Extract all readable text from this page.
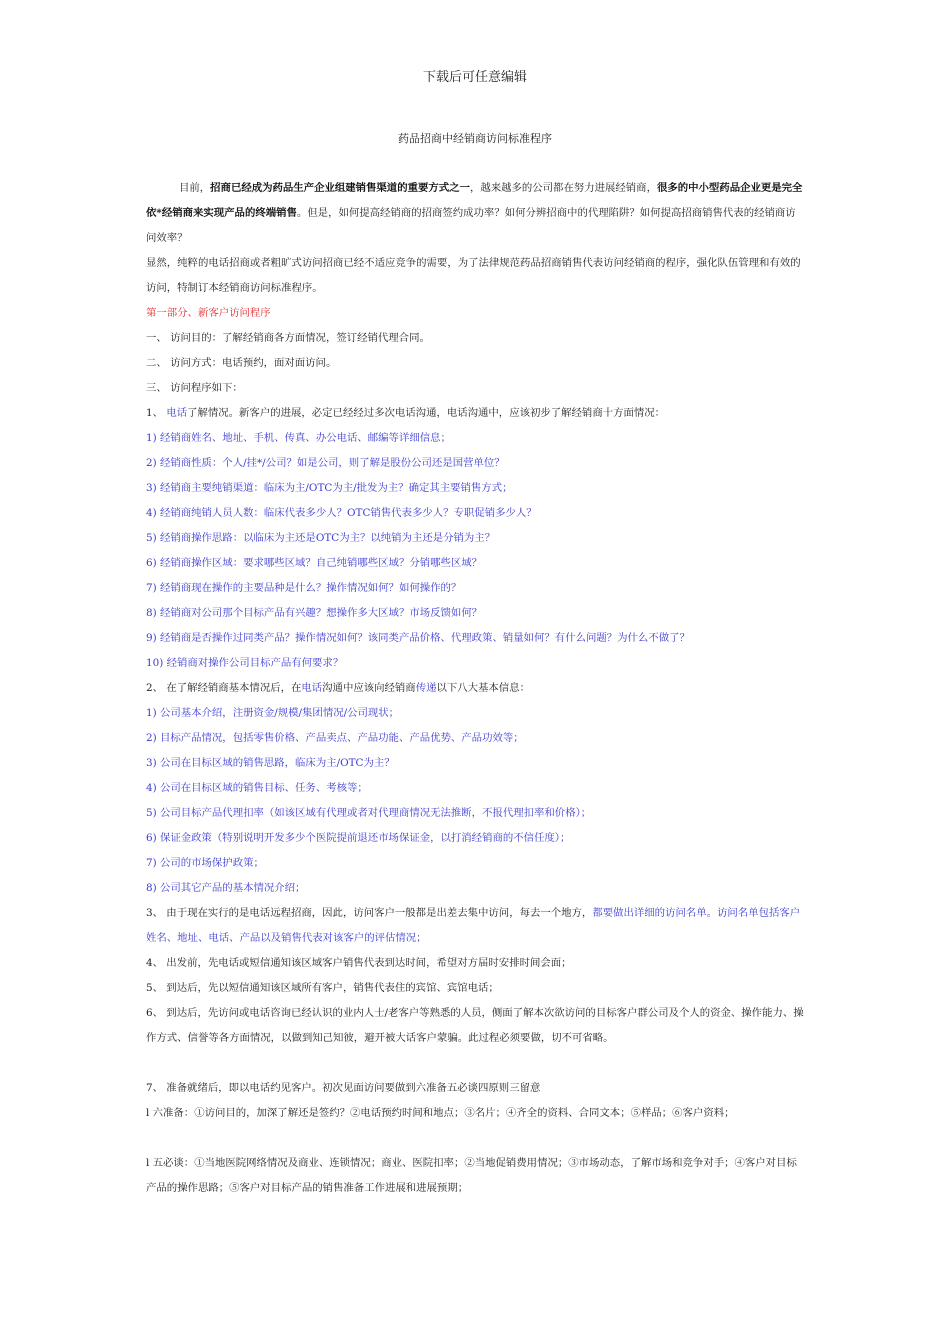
下载后可任意编辑
药品招商中经销商访问标准程序

目前，招商已经成为药品生产企业组建销售渠道的重要方式之一，越来越多的公司都在努力进展经销商，很多的中小型药品企业更是完全依*经销商来实现产品的终端销售。但是，如何提高经销商的招商签约成功率？如何分辨招商中的代理陷阱？如何提高招商销售代表的经销商访问效率？

显然，纯粹的电话招商或者粗旷式访问招商已经不适应竞争的需要，为了法律规范药品招商销售代表访问经销商的程序，强化队伍管理和有效的访问，特制订本经销商访问标准程序。

第一部分、新客户访问程序

一、 访问目的：了解经销商各方面情况，签订经销代理合同。

二、 访问方式：电话预约，面对面访问。

三、 访问程序如下：

1、 电话了解情况。新客户的进展，必定已经经过多次电话沟通，电话沟通中，应该初步了解经销商十方面情况：

1) 经销商姓名、地址、手机、传真、办公电话、邮编等详细信息；

2) 经销商性质：个人/挂*/公司？如是公司，则了解是股份公司还是国营单位？

3) 经销商主要纯销渠道：临床为主/OTC为主/批发为主？确定其主要销售方式；

4) 经销商纯销人员人数：临床代表多少人？OTC销售代表多少人？专职促销多少人？

5) 经销商操作思路：以临床为主还是OTC为主？以纯销为主还是分销为主？

6) 经销商操作区域：要求哪些区域？自己纯销哪些区域？分销哪些区域？

7) 经销商现在操作的主要品种是什么？操作情况如何？如何操作的？

8) 经销商对公司那个目标产品有兴趣？想操作多大区域？市场反馈如何？

9) 经销商是否操作过同类产品？操作情况如何？该同类产品价格、代理政策、销量如何？有什么问题？为什么不做了？

10) 经销商对操作公司目标产品有何要求？

2、 在了解经销商基本情况后，在电话沟通中应该向经销商传递以下八大基本信息：

1) 公司基本介绍，注册资金/规模/集团情况/公司现状；

2) 目标产品情况，包括零售价格、产品卖点、产品功能、产品优势、产品功效等；

3) 公司在目标区域的销售思路，临床为主/OTC为主？

4) 公司在目标区域的销售目标、任务、考核等；

5) 公司目标产品代理扣率（如该区域有代理或者对代理商情况无法推断，不报代理扣率和价格）；

6) 保证金政策（特别说明开发多少个医院提前退还市场保证金，以打消经销商的不信任度）；

7) 公司的市场保护政策；

8) 公司其它产品的基本情况介绍；

3、 由于现在实行的是电话远程招商，因此，访问客户一般都是出差去集中访问，每去一个地方，都要做出详细的访问名单。访问名单包括客户姓名、地址、电话、产品以及销售代表对该客户的评估情况；

4、 出发前，先电话或短信通知该区域客户销售代表到达时间，希望对方届时安排时间会面；

5、 到达后，先以短信通知该区域所有客户，销售代表住的宾馆、宾馆电话；

6、 到达后，先访问或电话咨询已经认识的业内人士/老客户等熟悉的人员，侧面了解本次欲访问的目标客户群公司及个人的资金、操作能力、操作方式、信誉等各方面情况，以做到知己知彼，避开被大话客户蒙骗。此过程必须要做，切不可省略。

7、 准备就绪后，即以电话约见客户。初次见面访问要做到六准备五必谈四原则三留意

l 六准备：①访问目的，加深了解还是签约？②电话预约时间和地点；③名片；④齐全的资料、合同文本；⑤样品；⑥客户资料；

l 五必谈：①当地医院网络情况及商业、连锁情况；商业、医院扣率；②当地促销费用情况；③市场动态，了解市场和竞争对手；④客户对目标产品的操作思路；⑤客户对目标产品的销售准备工作进展和进展预期；
